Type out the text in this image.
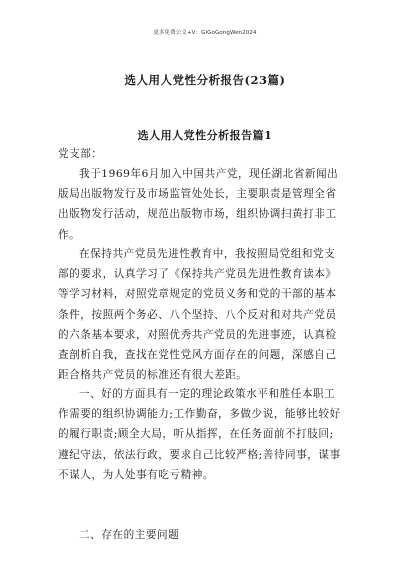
更多免费公文+V：GiGoGongWen2024
选人用人党性分析报告(23篇)
选人用人党性分析报告篇1
党支部：
我于1969年6月加入中国共产党，现任湖北省新闻出
版局出版物发行及市场监管处处长，主要职责是管理全省
出版物发行活动，规范出版物市场，组织协调扫黄打非工
作。
在保持共产党员先进性教育中，我按照局党组和党支
部的要求，认真学习了《保持共产党员先进性教育读本》
等学习材料，对照党章规定的党员义务和党的干部的基本
条件，按照两个务必、八个坚持、八个反对和对共产党员
的六条基本要求，对照优秀共产党员的先进事迹，认真检
查剖析自我，查找在党性党风方面存在的问题，深感自己
距合格共产党员的标准还有很大差距。
一、好的方面具有一定的理论政策水平和胜任本职工
作需要的组织协调能力;工作勤奋，多做少说，能够比较好
的履行职责;顾全大局，听从指挥，在任务面前不打肢回;
遵纪守法，依法行政，要求自己比较严格;善待同事，谋事
不谋人，为人处事有吃亏精神。
二、存在的主要问题
